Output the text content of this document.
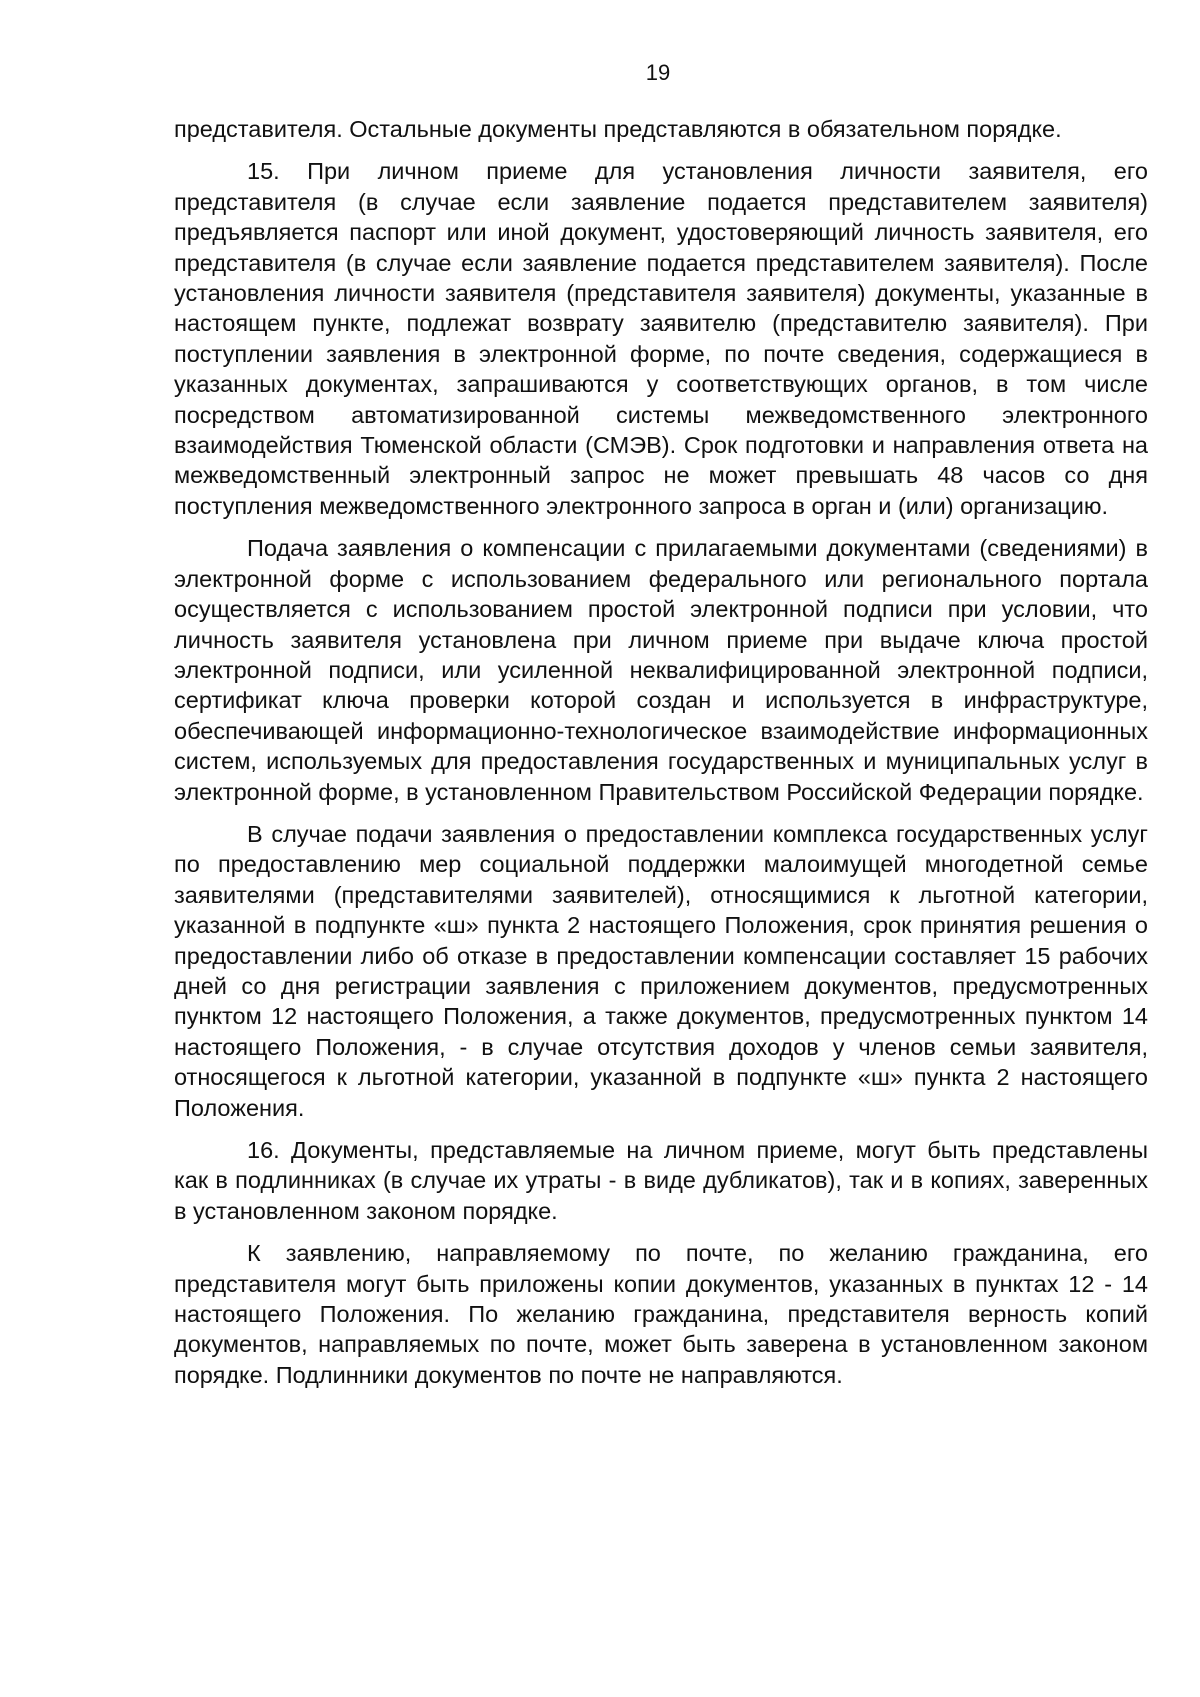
19

представителя. Остальные документы представляются в обязательном порядке.

15. При личном приеме для установления личности заявителя, его представителя (в случае если заявление подается представителем заявителя) предъявляется паспорт или иной документ, удостоверяющий личность заявителя, его представителя (в случае если заявление подается представителем заявителя). После установления личности заявителя (представителя заявителя) документы, указанные в настоящем пункте, подлежат возврату заявителю (представителю заявителя). При поступлении заявления в электронной форме, по почте сведения, содержащиеся в указанных документах, запрашиваются у соответствующих органов, в том числе посредством автоматизированной системы межведомственного электронного взаимодействия Тюменской области (СМЭВ). Срок подготовки и направления ответа на межведомственный электронный запрос не может превышать 48 часов со дня поступления межведомственного электронного запроса в орган и (или) организацию.

Подача заявления о компенсации с прилагаемыми документами (сведениями) в электронной форме с использованием федерального или регионального портала осуществляется с использованием простой электронной подписи при условии, что личность заявителя установлена при личном приеме при выдаче ключа простой электронной подписи, или усиленной неквалифицированной электронной подписи, сертификат ключа проверки которой создан и используется в инфраструктуре, обеспечивающей информационно-технологическое взаимодействие информационных систем, используемых для предоставления государственных и муниципальных услуг в электронной форме, в установленном Правительством Российской Федерации порядке.

В случае подачи заявления о предоставлении комплекса государственных услуг по предоставлению мер социальной поддержки малоимущей многодетной семье заявителями (представителями заявителей), относящимися к льготной категории, указанной в подпункте «ш» пункта 2 настоящего Положения, срок принятия решения о предоставлении либо об отказе в предоставлении компенсации составляет 15 рабочих дней со дня регистрации заявления с приложением документов, предусмотренных пунктом 12 настоящего Положения, а также документов, предусмотренных пунктом 14 настоящего Положения, - в случае отсутствия доходов у членов семьи заявителя, относящегося к льготной категории, указанной в подпункте «ш» пункта 2 настоящего Положения.

16. Документы, представляемые на личном приеме, могут быть представлены как в подлинниках (в случае их утраты - в виде дубликатов), так и в копиях, заверенных в установленном законом порядке.

К заявлению, направляемому по почте, по желанию гражданина, его представителя могут быть приложены копии документов, указанных в пунктах 12 - 14 настоящего Положения. По желанию гражданина, представителя верность копий документов, направляемых по почте, может быть заверена в установленном законом порядке. Подлинники документов по почте не направляются.
